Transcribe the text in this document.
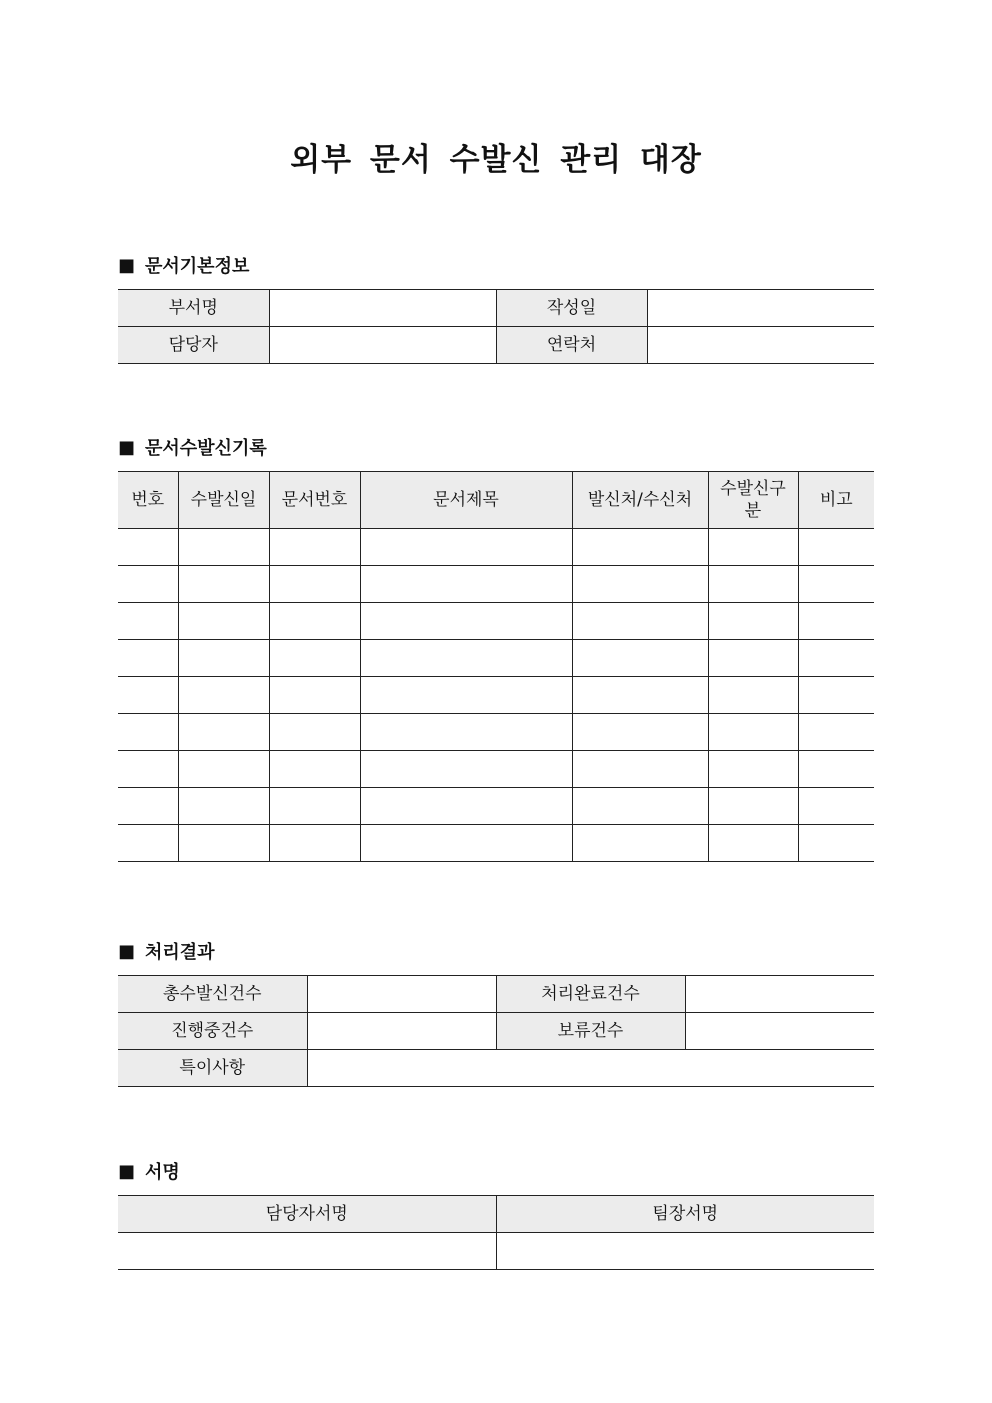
외부 문서 수발신 관리 대장
■ 문서기본정보
부서명		작성일	
담당자		연락처	
■ 문서수발신기록
번호	수발신일	문서번호	문서제목	발신처/수신처	수발신구분	비고

■ 처리결과
총수발신건수		처리완료건수	
진행중건수		보류건수	
특이사항			
■ 서명
담당자서명	팀장서명
